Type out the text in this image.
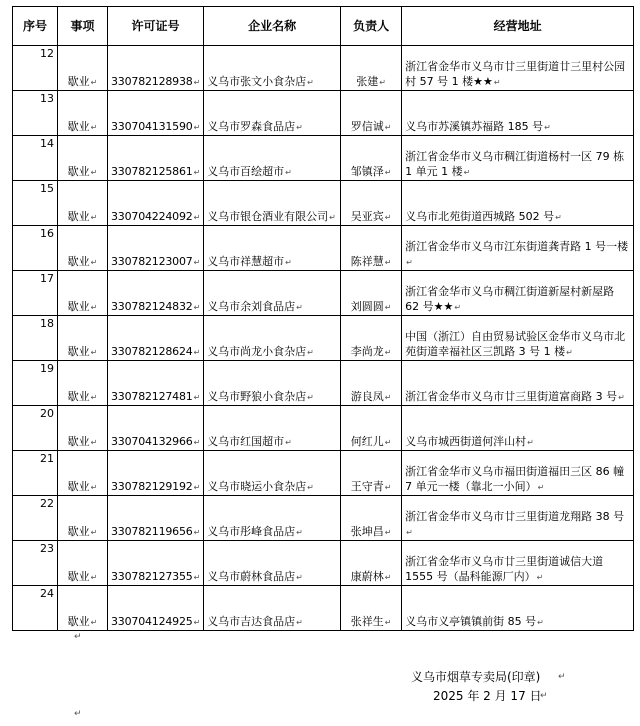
序号	事项	许可证号	企业名称	负责人	经营地址
12	歇业↵	330782128938↵	义乌市张文小食杂店↵	张建↵	浙江省金华市义乌市廿三里街道廿三里村公园村 57 号 1 楼★★↵
13	歇业↵	330704131590↵	义乌市罗森食品店↵	罗信诚↵	义乌市苏溪镇苏福路 185 号↵
14	歇业↵	330782125861↵	义乌市百绘超市↵	邹镇泽↵	浙江省金华市义乌市稠江街道杨村一区 79 栋 1 单元 1 楼↵
15	歇业↵	330704224092↵	义乌市银仓酒业有限公司↵	吴亚宾↵	义乌市北苑街道西城路 502 号↵
16	歇业↵	330782123007↵	义乌市祥慧超市↵	陈祥慧↵	浙江省金华市义乌市江东街道龚青路 1 号一楼↵
17	歇业↵	330782124832↵	义乌市余刘食品店↵	刘圆圆↵	浙江省金华市义乌市稠江街道新屋村新屋路 62 号★★↵
18	歇业↵	330782128624↵	义乌市尚龙小食杂店↵	李尚龙↵	中国（浙江）自由贸易试验区金华市义乌市北苑街道幸福社区三凯路 3 号 1 楼↵
19	歇业↵	330782127481↵	义乌市野狼小食杂店↵	游良凤↵	浙江省金华市义乌市廿三里街道富商路 3 号↵
20	歇业↵	330704132966↵	义乌市红国超市↵	何红儿↵	义乌市城西街道何泮山村↵
21	歇业↵	330782129192↵	义乌市晓运小食杂店↵	王守青↵	浙江省金华市义乌市福田街道福田三区 86 幢 7 单元一楼（靠北一小间）↵
22	歇业↵	330782119656↵	义乌市彤峰食品店↵	张坤昌↵	浙江省金华市义乌市廿三里街道龙翔路 38 号↵
23	歇业↵	330782127355↵	义乌市蔚林食品店↵	康蔚林↵	浙江省金华市义乌市廿三里街道诚信大道 1555 号（晶科能源厂内）↵
24	歇业↵	330704124925↵	义乌市吉达食品店↵	张祥生↵	义乌市义亭镇镇前街 85 号↵
↵
义乌市烟草专卖局(印章) ↵
2025 年 2 月 17 日
↵
↵
